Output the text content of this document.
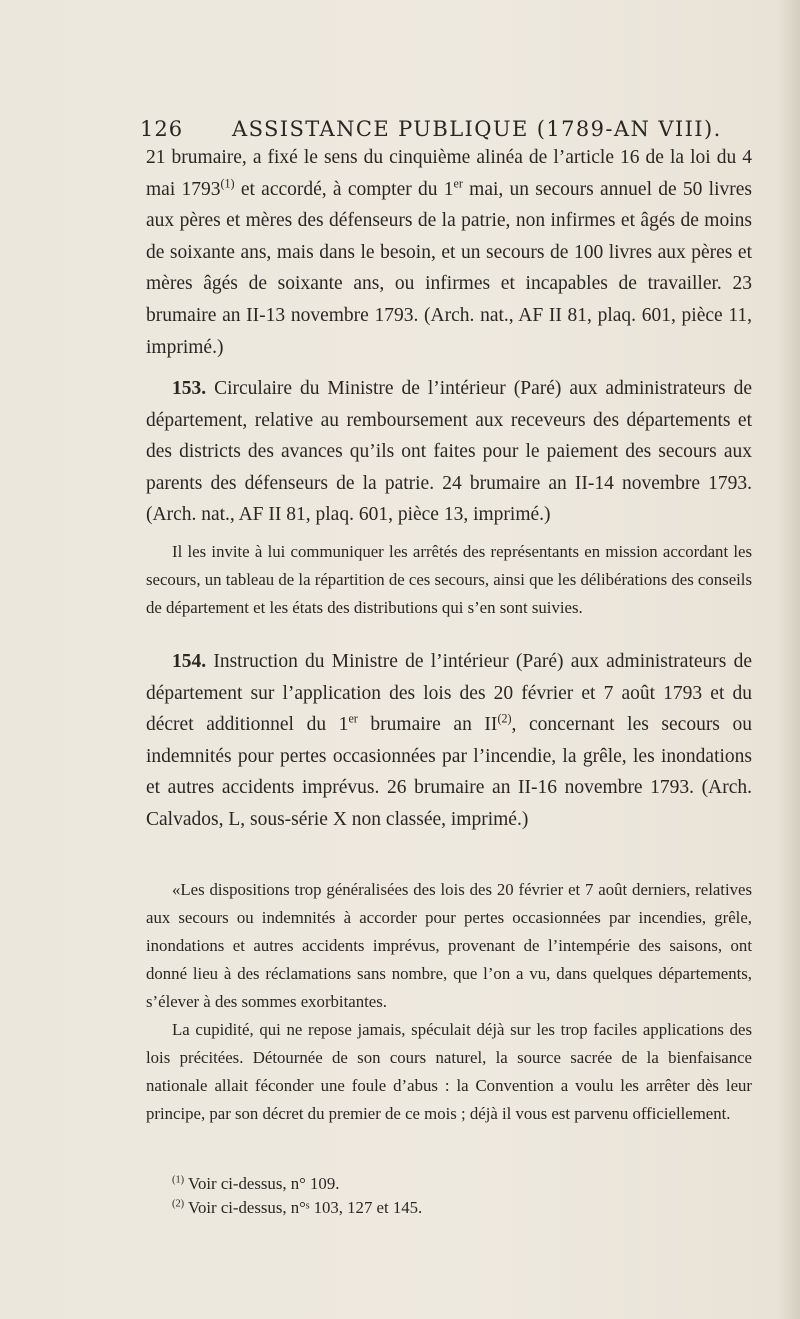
126 ASSISTANCE PUBLIQUE (1789-AN VIII).

21 brumaire, a fixé le sens du cinquième alinéa de l’article 16 de la loi du 4 mai 1793$^{(1)}$ et accordé, à compter du 1er mai, un secours annuel de 50 livres aux pères et mères des défenseurs de la patrie, non infirmes et âgés de moins de soixante ans, mais dans le besoin, et un secours de 100 livres aux pères et mères âgés de soixante ans, ou infirmes et incapables de travailler. 23 brumaire an II-13 novembre 1793. (Arch. nat., AF II 81, plaq. 601, pièce 11, imprimé.)

153. Circulaire du Ministre de l’intérieur (Paré) aux administrateurs de département, relative au remboursement aux receveurs des départements et des districts des avances qu’ils ont faites pour le paiement des secours aux parents des défenseurs de la patrie. 24 brumaire an II-14 novembre 1793. (Arch. nat., AF II 81, plaq. 601, pièce 13, imprimé.)

Il les invite à lui communiquer les arrêtés des représentants en mission accordant les secours, un tableau de la répartition de ces secours, ainsi que les délibérations des conseils de département et les états des distributions qui s’en sont suivies.

154. Instruction du Ministre de l’intérieur (Paré) aux administrateurs de département sur l’application des lois des 20 février et 7 août 1793 et du décret additionnel du 1er brumaire an II$^{(2)}$, concernant les secours ou indemnités pour pertes occasionnées par l’incendie, la grêle, les inondations et autres accidents imprévus. 26 brumaire an II-16 novembre 1793. (Arch. Calvados, L, sous-série X non classée, imprimé.)

«Les dispositions trop généralisées des lois des 20 février et 7 août derniers, relatives aux secours ou indemnités à accorder pour pertes occasionnées par incendies, grêle, inondations et autres accidents imprévus, provenant de l’intempérie des saisons, ont donné lieu à des réclamations sans nombre, que l’on a vu, dans quelques départements, s’élever à des sommes exorbitantes.

La cupidité, qui ne repose jamais, spéculait déjà sur les trop faciles applications des lois précitées. Détournée de son cours naturel, la source sacrée de la bienfaisance nationale allait féconder une foule d’abus : la Convention a voulu les arrêter dès leur principe, par son décret du premier de ce mois ; déjà il vous est parvenu officiellement.

$^{(1)}$ Voir ci-dessus, n° 109.

$^{(2)}$ Voir ci-dessus, n°ˢ 103, 127 et 145.
